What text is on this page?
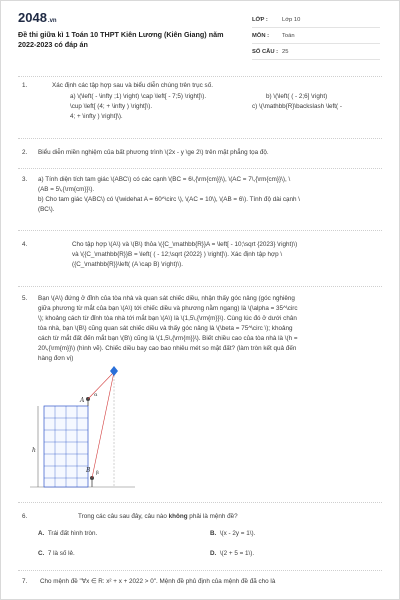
2048.vn
Đề thi giữa kì 1 Toán 10 THPT Kiên Lương (Kiên Giang) năm 2022-2023 có đáp án
LỚP :	Lớp 10
MÔN :	Toán
SỐ CÂU : 25
1.	Xác định các tập hợp sau và biểu diễn chúng trên trục số.
a) \(\left( - \infty ;1) \right) \cap \left[ - 7;5) \right]\).	b) \(\left( ( - 2;6] \right)
\cup \left[ (4; + \infty ) \right]\).	c) \(\mathbb{R}\backslash \left( -
4; + \infty ) \right]\).
2. Biểu diễn miền nghiệm của bất phương trình \(2x - y \ge 2\) trên mặt phẳng tọa độ.
3. a) Tính diện tích tam giác \(ABC\) có các cạnh \(BC = 6\,{\rm{cm}}\), \(AC = 7\,{\rm{cm}}\), \
(AB = 5\,{\rm{cm}}\).
b) Cho tam giác \(ABC\) có \(\widehat A = 60^\circ \), \(AC = 10\), \(AB = 6\). Tính độ dài cạnh \
(BC\).
4.	Cho tập hợp \(A\) và \(B\) thỏa \({C_\mathbb{R}}A = \left[ - 10;\sqrt {2023} \right)\)
và \({C_\mathbb{R}}B = \left( ( - 12;\sqrt {2022} ) \right]\). Xác định tập hợp \
({C_\mathbb{R}}\left( (A \cap B) \right)\).
5. Bạn \(A\) đứng ở đỉnh của tòa nhà và quan sát chiếc diều, nhận thấy góc nâng (góc nghiêng
giữa phương từ mắt của bạn \(A\) tới chiếc diều và phương nằm ngang) là \(\alpha = 35^\circ
\); khoảng cách từ đỉnh tòa nhà tới mắt bạn \(A\) là \(1,5\,{\rm{m}}\). Cùng lúc đó ở dưới chân
tòa nhà, bạn \(B\) cũng quan sát chiếc diều và thấy góc nâng là \(\beta = 75^\circ \); khoảng
cách từ mắt đất đến mắt bạn \(B\) cũng là \(1,5\,{\rm{m}}\). Biết chiều cao của tòa nhà là \(h =
20\,{\rm{m}}\) (hình vẽ). Chiếc diều bay cao bao nhiêu mét so mặt đất? (làm tròn kết quả đến
hàng đơn vị)
A
B
h
α
β
6.	Trong các câu sau đây, câu nào không phải là mệnh đề?
A. Trái đất hình tròn.	B. \(x - 2y = 1\).
C. 7 là số lẻ.	D. \(2 + 5 = 1\).
7. Cho mệnh đề "∀x ∈ R: x² + x + 2022 > 0". Mệnh đề phủ định của mệnh đề đã cho là
